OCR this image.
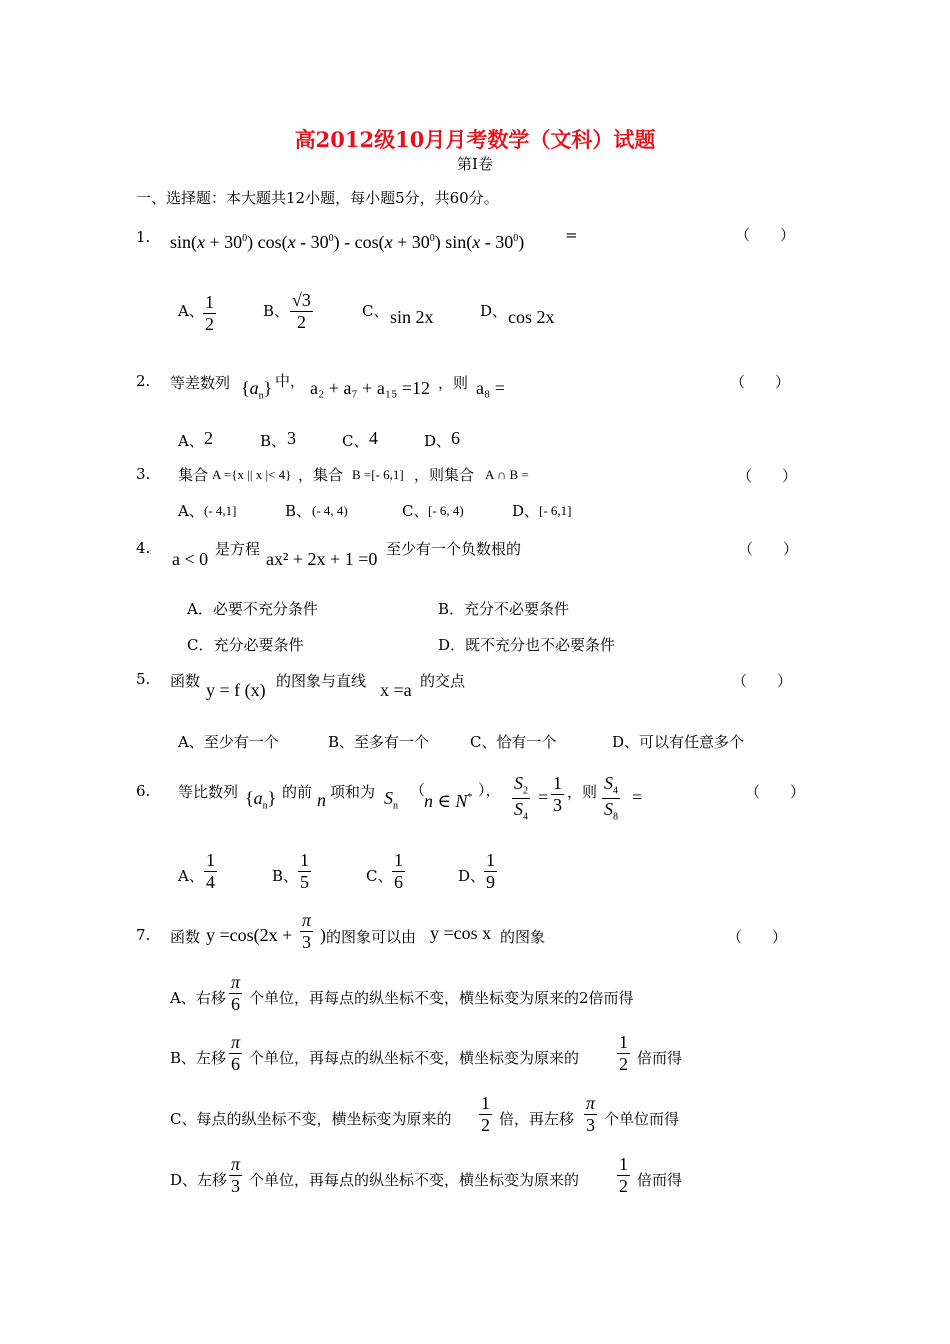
高2012级10月月考数学（文科）试题
第Ⅰ卷
一、选择题：本大题共12小题，每小题5分，共60分。
1. $\sin(x + 30^0)$ $\cos(x - 30^0) - \cos(x + 30^0)$ $\sin(x - 30^0)$	=	（　　）
A、 $\frac{1}{2}$	B、 $\frac{√3}{2}$	C、 sin 2x	D、 cos 2x
2. 等差数列 $\{a_n\}$ 中， a₂ + a₇ + a₁₅ =12 ，则 a₈ =	（　　）
A、 2	B、 3	C、 4	D、 6
3. 集合 A ={x || x |< 4} ，集合 B =[- 6,1] ，则集合 A ∩ B =	（　　）
A、 (- 4,1]	B、 (- 4, 4)	C、 [- 6, 4)	D、 [- 6,1]
4.
a < 0 是方程 ax² + 2x + 1 =0 至少有一个负数根的	（　　）
A．必要不充分条件	B．充分不必要条件
C．充分必要条件	D．既不充分也不必要条件
5. 函数 y = f (x) 的图象与直线 x =a 的交点	（　　）
A、至少有一个	B、至多有一个	C、恰有一个	D、可以有任意多个
6. 等比数列 $\{a_n\}$ 的前 n 项和为 $S_n$
（
n ∈ N* ）， $\frac{S_2}{S_4} = \frac{1}{3}$ ，则 $\frac{S_4}{S_8}$ =	（　　）
A、 $\frac{1}{4}$	B、 $\frac{1}{5}$	C、 $\frac{1}{6}$	D、
$\frac{1}{9}$
7. 函数 $y =\cos(2x + \frac{\pi}{3}$ ) 的图象可以由 y =cos x 的图象	（　　）
A、右移 $\frac{\pi}{6}$ 个单位，再每点的纵坐标不变，横坐标变为原来的2倍而得
B、左移 $\frac{\pi}{6}$ 个单位，再每点的纵坐标不变，横坐标变为原来的 $\frac{1}{2}$ 倍而得
C、每点的纵坐标不变，横坐标变为原来的 $\frac{1}{2}$ 倍，再左移 $\frac{\pi}{3}$ 个单位而得
D、左移 $\frac{\pi}{3}$ 个单位，再每点的纵坐标不变，横坐标变为原来的 $\frac{1}{2}$ 倍而得
